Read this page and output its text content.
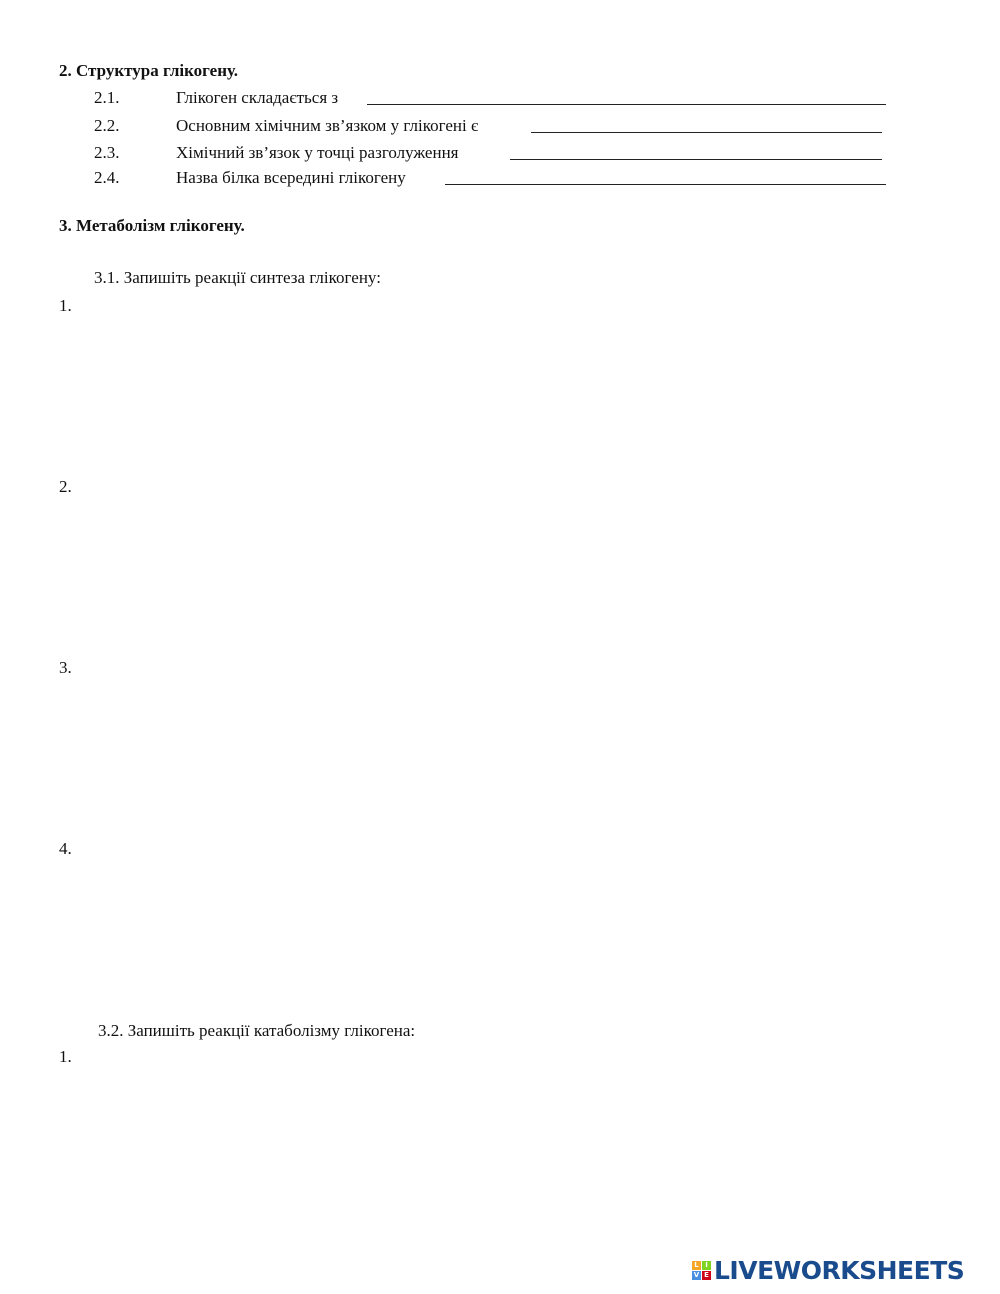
2. Структура глікогену.
2.1.	Глікоген складається з
2.2.	Основним хімічним зв’язком у глікогені є
2.3.	Хімічний зв’язок у точці разголуження
2.4.	Назва білка всередині глікогену
3. Метаболізм глікогену.
3.1. Запишіть реакції синтеза глікогену:
1.
2.
3.
4.
3.2. Запишіть реакції катаболізму глікогена:
1.
L I
V E LIVEWORKSHEETS
